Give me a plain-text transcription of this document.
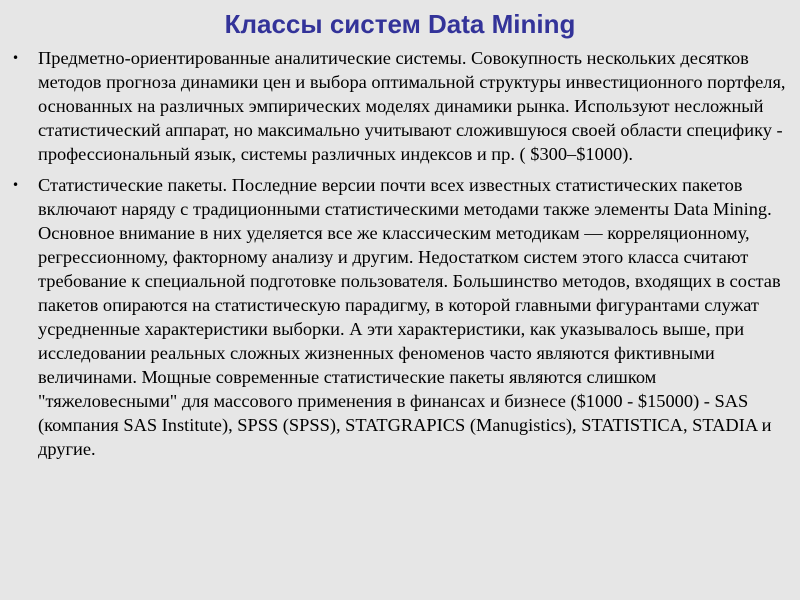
Классы систем Data Mining
• Предметно-ориентированные аналитические системы. Совокупность нескольких десятков методов прогноза динамики цен и выбора оптимальной структуры инвестиционного портфеля, основанных на различных эмпирических моделях динамики рынка. Используют несложный статистический аппарат, но максимально учитывают сложившуюся своей области специфику - профессиональный язык, системы различных индексов и пр. ( $300–$1000).
• Статистические пакеты. Последние версии почти всех известных статистических пакетов включают наряду с традиционными статистическими методами также элементы Data Mining. Основное внимание в них уделяется все же классическим методикам — корреляционному, регрессионному, факторному анализу и другим. Недостатком систем этого класса считают требование к специальной подготовке пользователя. Большинство методов, входящих в состав пакетов опираются на статистическую парадигму, в которой главными фигурантами служат усредненные характеристики выборки. А эти характеристики, как указывалось выше, при исследовании реальных сложных жизненных феноменов часто являются фиктивными величинами. Мощные современные статистические пакеты являются слишком "тяжеловесными" для массового применения в финансах и бизнесе ($1000 - $15000) - SAS (компания SAS Institute), SPSS (SPSS), STATGRAPICS (Manugistics), STATISTICA, STADIA и другие.
